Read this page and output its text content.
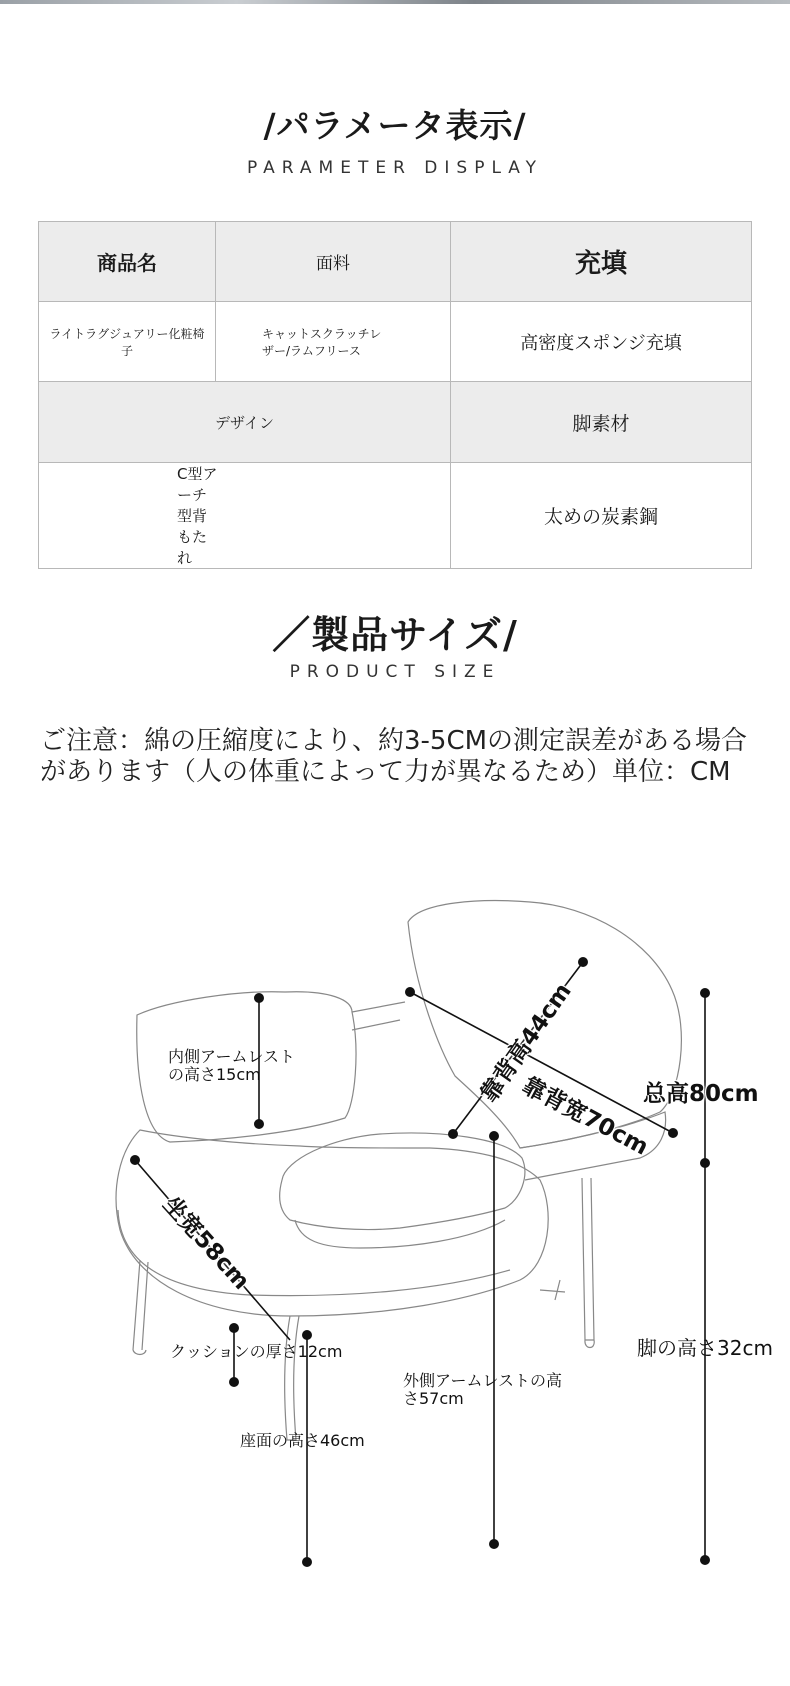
/パラメータ表示/
PARAMETER DISPLAY
商品名	面料	充填
ライトラグジュアリー化粧椅子	キャットスクラッチレザー/ラムフリース	高密度スポンジ充填
デザイン		脚素材
C型アーチ型背もたれ		太めの炭素鋼
／製品サイズ/
PRODUCT SIZE
ご注意：綿の圧縮度により、約3-5CMの測定誤差がある場合があります（人の体重によって力が異なるため）単位：CM
靠背高44cm
靠背宽70cm
总高80cm
坐宽58cm
内側アームレストの高さ15cm
クッションの厚さ12cm	脚の高さ32cm
外側アームレストの高さ57cm
座面の高さ46cm
